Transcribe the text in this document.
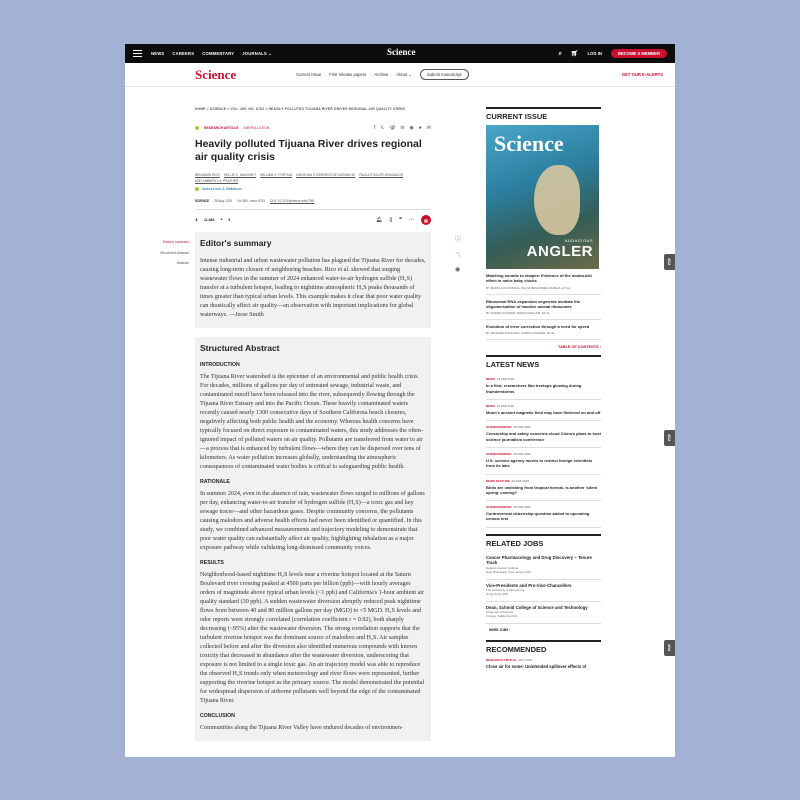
NEWS CAREERS COMMENTARY JOURNALS ⌄	Science	⌕ 🛒︎ LOG IN	BECOME A MEMBER
Science	Current Issue First release papers Archive About ⌄	Submit manuscript	GET OUR E-ALERTS
Editor's summary
Structured Abstract
Abstract
HOME > SCIENCE > VOL. 389, NO. 6763 > HEAVILY POLLUTED TIJUANA RIVER DRIVES REGIONAL AIR QUALITY CRISIS
RESEARCH ARTICLE AIR POLLUTION	f 𝕏 🦋︎ in ◉ ● ✉
Heavily polluted Tijuana River drives regional air quality crisis
BENJAMIN RICO KELLIE C. DANGHEIT WILLIAM G. FORTUM KAROLINA CYSNEIROS DE CARVALHO PAULA STIGLER-GRANADOS
AND KIMBERLY A. PRATHER
Authors Info & Affiliations
SCIENCE 28 Aug 2025 Vol 389, Issue 6763 DOI: 10.1126/science.adw7349
⬇ 11,084 ❝ 5	🔔︎ ▯ ❞ ⋯	▤
Editor's summary

Intense industrial and urban wastewater pollution has plagued the Tijuana River for decades, causing long-term closure of neighboring beaches. Rico et al. showed that surging wastewater flows in the summer of 2024 enhanced water-to-air hydrogen sulfide (H₂S) transfer at a turbulent hotspot, leading to nighttime atmospheric H₂S peaks thousands of times greater than typical urban levels. This example makes it clear that poor water quality can drastically affect air quality—an observation with important implications for global waterways. —Jesse Smith

Structured Abstract
INTRODUCTION

The Tijuana River watershed is the epicenter of an environmental and public health crisis. For decades, millions of gallons per day of untreated sewage, industrial waste, and contaminated runoff have been released into the river, subsequently flowing through the Tijuana River Estuary and into the Pacific Ocean. These heavily contaminated waters recently caused nearly 1300 consecutive days of Southern California beach closures, negatively affecting both public health and the economy. Whereas health concerns have typically focused on direct exposure to contaminated waters, this study addresses the often-ignored impact of polluted waters on air quality. Pollutants are transferred from water to air—a process that is enhanced by turbulent flows—where they can be dispersed over tens of kilometers. As water pollution increases globally, understanding the atmospheric consequences of contaminated water bodies is critical to safeguarding public health.

RATIONALE

In summer 2024, even in the absence of rain, wastewater flows surged to millions of gallons per day, enhancing water-to-air transfer of hydrogen sulfide (H₂S)—a toxic gas and key sewage tracer—and other hazardous gases. Despite community concerns, the pollutants causing malodors and adverse health effects had never been identified or quantified. In this study, we combined advanced measurements and trajectory modeling to demonstrate that poor water quality can substantially affect air quality, highlighting inhalation as a major exposure pathway while validating long-dismissed community voices.

RESULTS

Neighborhood-based nighttime H₂S levels near a riverine hotspot located at the Saturn Boulevard river crossing peaked at 4500 parts per billion (ppb)—with hourly averages orders of magnitude above typical urban levels (<1 ppb) and California's 1-hour ambient air quality standard (30 ppb). A sudden wastewater diversion abruptly reduced peak nighttime flows from between 40 and 80 million gallons per day (MGD) to <5 MGD. H₂S levels and odor reports were strongly correlated (correlation coefficient r = 0.92), both sharply decreasing (~95%) after the wastewater diversion. The strong correlation supports that the turbulent riverine hotspot was the dominant source of malodors and H₂S. Air samples collected before and after the diversion also identified numerous compounds with known toxicity that decreased in abundance after the wastewater diversion, underscoring that exposure is not limited to a single toxic gas. An air trajectory model was able to reproduce the observed H₂S trends only when meteorology and river flows were represented, further supporting the riverine hotspot as the primary source. The model demonstrated the potential for widespread dispersion of airborne pollutants well beyond the edge of the contaminated Tijuana River.

CONCLUSION

Communities along the Tijuana River Valley have endured decades of environmen-

ⓘ
〽
◉
CURRENT ISSUE
Science
AUDACIOUS
ANGLER
Matching sounds to shapes: Evidence of the bouba-kiki effect in naïve baby chicks
BY MARIA LOCONSOLE, SILVIA BENAVIDES-VARELA, ET AL.
Ribosomal RNA expansion segments mediate the oligomerization of inactive animal ribosomes
BY ANDRE SCHMIDT, MARIA MAILLOB, ET AL.
Evolution of error correction through a need for speed
BY RICHARD RAHULES, KAREN HOOKER, ET AL.
TABLE OF CONTENTS ›
LATEST NEWS
NEWS 26 FEB 2026
In a first, researchers film treetops glowing during thunderstorms
NEWS 26 FEB 2026
Moon's ancient magnetic field may have flickered on and off
SCIENCEINSIDER 26 FEB 2026
Censorship and safety concerns cloud China's plans to host science journalism conference
SCIENCEINSIDER 26 FEB 2026
U.S. science agency moves to restrict foreign scientists from its labs
NEWS FEATURE 26 FEB 2026
Birds are vanishing from tropical forests. Is another 'silent spring' coming?
SCIENCEINSIDER 26 FEB 2026
Controversial citizenship question added to upcoming census test
RELATED JOBS
Cancer Pharmacology and Drug Discovery – Tenure Track
Rutgers Cancer Institute
New Brunswick, New Jersey (US)
Vice-Presidents and Pro-Vice-Chancellors
The University of Hong Kong
Hong Kong (HK)
Dean, Schmid College of Science and Technology
Chapman University
Orange, California (US)
MORE JOBS ›
RECOMMENDED
RESEARCH ARTICLE MAY 2019
Close air for some: Unintended spillover effects of
PDF
PDF
PDF
